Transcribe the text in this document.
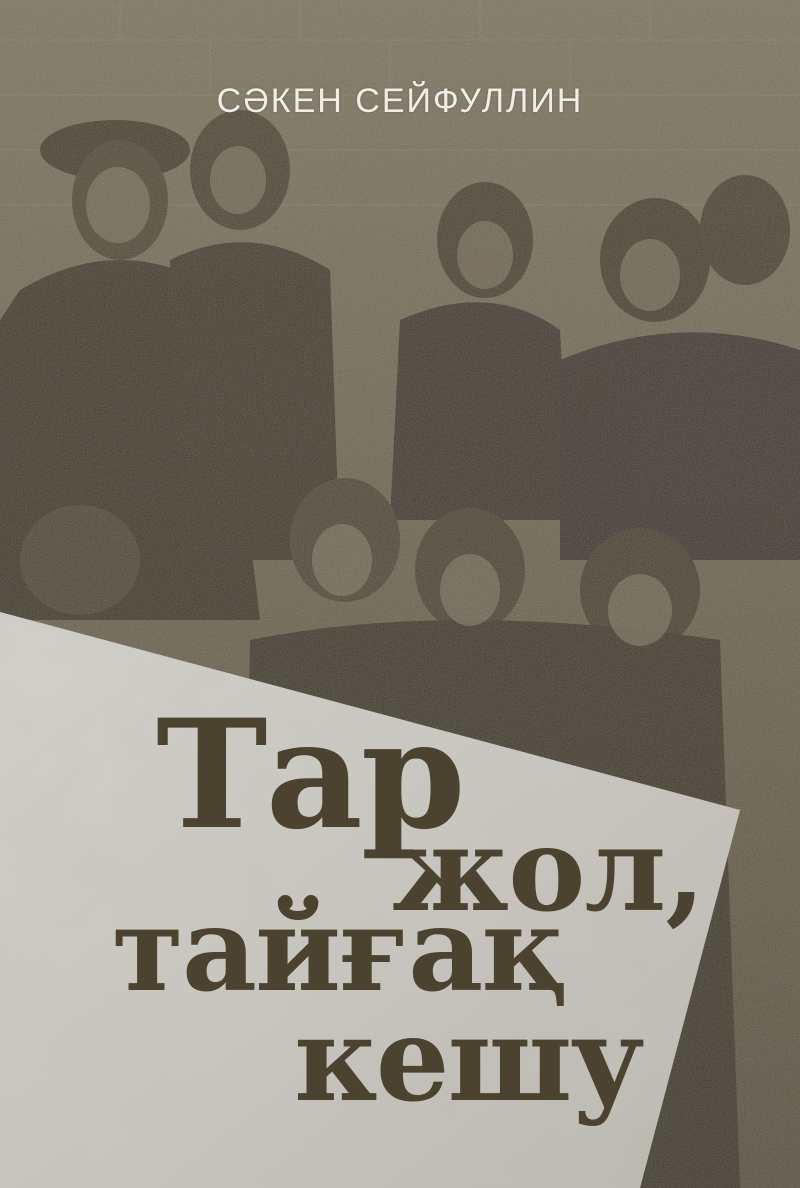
СӘКЕН СЕЙФУЛЛИН
Тар
жол,
тайғақ
кешу
